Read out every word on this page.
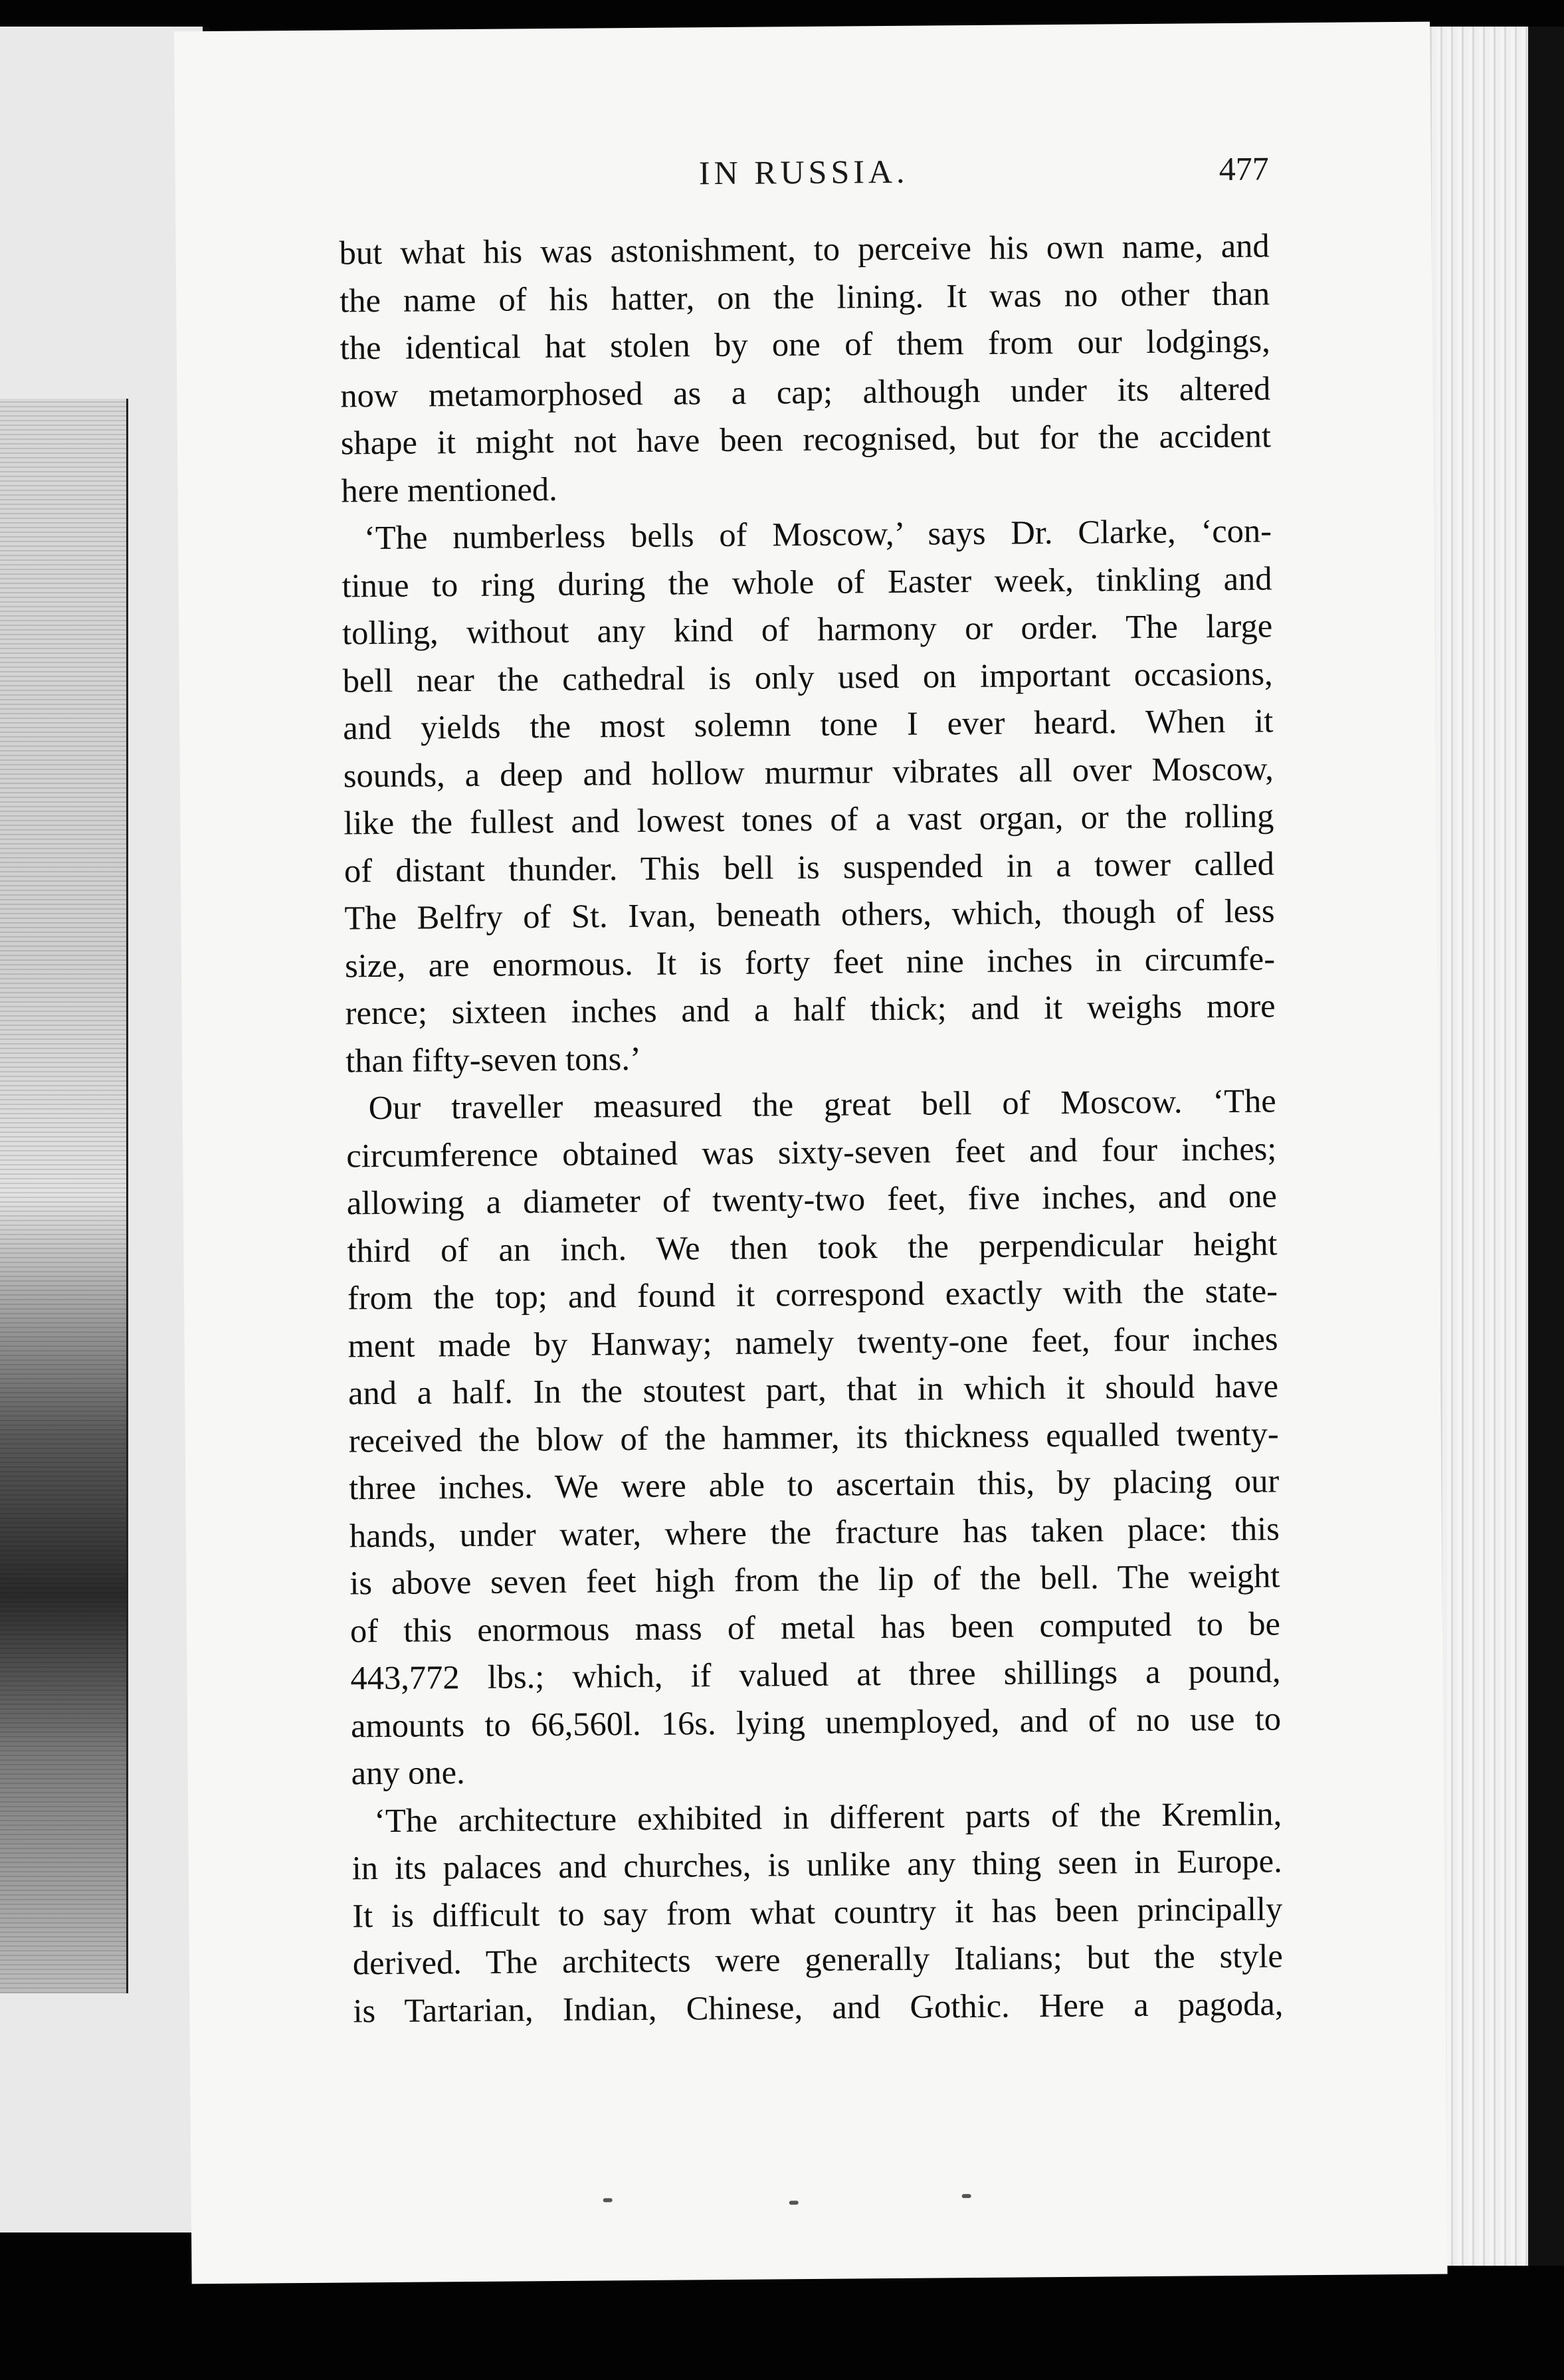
IN RUSSIA.	477

but what his was astonishment, to perceive his own name, and

the name of his hatter, on the lining. It was no other than

the identical hat stolen by one of them from our lodgings,

now metamorphosed as a cap; although under its altered

shape it might not have been recognised, but for the accident

here mentioned.

‘The numberless bells of Moscow,’ says Dr. Clarke, ‘con-

tinue to ring during the whole of Easter week, tinkling and

tolling, without any kind of harmony or order. The large

bell near the cathedral is only used on important occasions,

and yields the most solemn tone I ever heard. When it

sounds, a deep and hollow murmur vibrates all over Moscow,

like the fullest and lowest tones of a vast organ, or the rolling

of distant thunder. This bell is suspended in a tower called

The Belfry of St. Ivan, beneath others, which, though of less

size, are enormous. It is forty feet nine inches in circumfe-

rence; sixteen inches and a half thick; and it weighs more

than fifty-seven tons.’

Our traveller measured the great bell of Moscow. ‘The

circumference obtained was sixty-seven feet and four inches;

allowing a diameter of twenty-two feet, five inches, and one

third of an inch. We then took the perpendicular height

from the top; and found it correspond exactly with the state-

ment made by Hanway; namely twenty-one feet, four inches

and a half. In the stoutest part, that in which it should have

received the blow of the hammer, its thickness equalled twenty-

three inches. We were able to ascertain this, by placing our

hands, under water, where the fracture has taken place: this

is above seven feet high from the lip of the bell. The weight

of this enormous mass of metal has been computed to be

443,772 lbs.; which, if valued at three shillings a pound,

amounts to 66,560l. 16s. lying unemployed, and of no use to

any one.

‘The architecture exhibited in different parts of the Kremlin,

in its palaces and churches, is unlike any thing seen in Europe.

It is difficult to say from what country it has been principally

derived. The architects were generally Italians; but the style

is Tartarian, Indian, Chinese, and Gothic. Here a pagoda,
